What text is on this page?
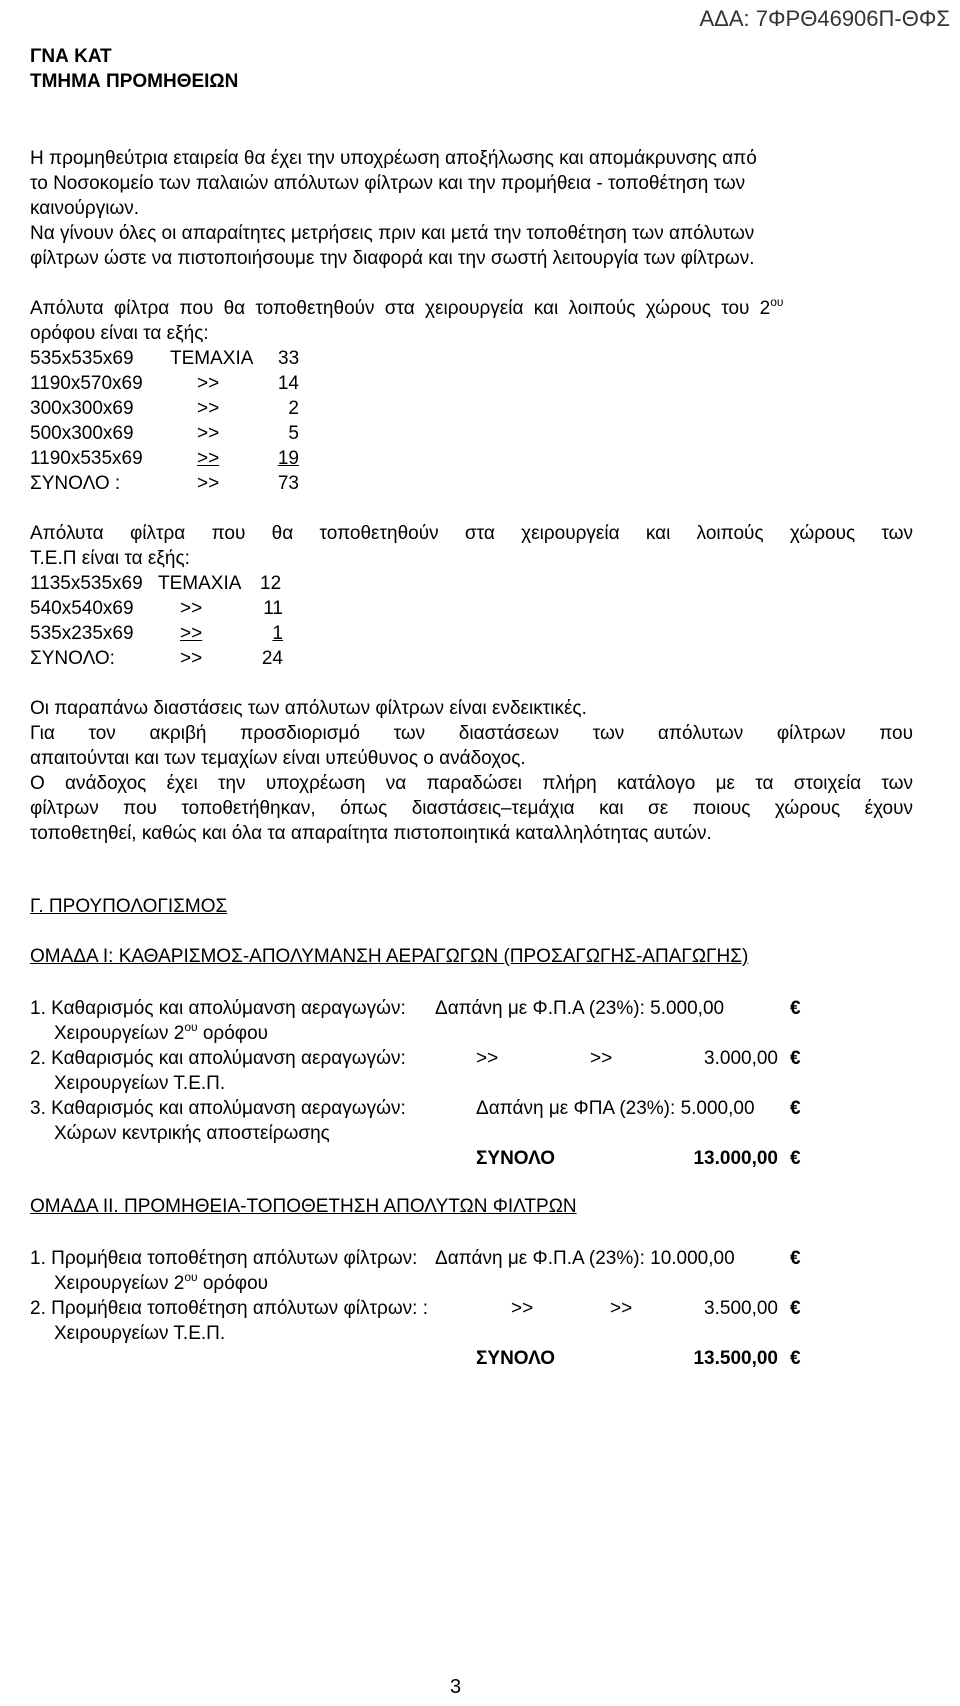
ΑΔΑ: 7ΦΡΘ46906Π-ΘΦΣ
ΓΝΑ ΚΑΤ
ΤΜΗΜΑ ΠΡΟΜΗΘΕΙΩΝ
Η προμηθεύτρια εταιρεία θα έχει την υποχρέωση αποξήλωσης και απομάκρυνσης από
το Νοσοκομείο των παλαιών απόλυτων φίλτρων και την προμήθεια - τοποθέτηση των
καινούργιων.
Να γίνουν όλες οι απαραίτητες μετρήσεις πριν και μετά την τοποθέτηση των απόλυτων
φίλτρων ώστε να πιστοποιήσουμε την διαφορά και την σωστή λειτουργία των φίλτρων.
Απόλυτα φίλτρα που θα τοποθετηθούν στα χειρουργεία και λοιπούς χώρους του $2^{o\upsilon}$
ορόφου είναι τα εξής:
535x535x69 ΤΕΜΑΧΙΑ 33
1190x570x69	>>	14
300x300x69	>>	2
500x300x69	>>	5
1190x535x69	>>	19
ΣΥΝΟΛΟ :	>>	73
Απόλυτα φίλτρα που θα τοποθετηθούν στα χειρουργεία και λοιπούς χώρους των
Τ.Ε.Π είναι τα εξής:
1135x535x69 ΤΕΜΑΧΙΑ 12
540x540x69 >>	11
535x235x69 >>	1
ΣΥΝΟΛΟ:	>>	24
Οι παραπάνω διαστάσεις των απόλυτων φίλτρων είναι ενδεικτικές.
Για τον ακριβή προσδιορισμό των διαστάσεων των απόλυτων φίλτρων που
απαιτούνται και των τεμαχίων είναι υπεύθυνος ο ανάδοχος.
Ο ανάδοχος έχει την υποχρέωση να παραδώσει πλήρη κατάλογο με τα στοιχεία των
φίλτρων που τοποθετήθηκαν, όπως διαστάσεις–τεμάχια και σε ποιους χώρους έχουν
τοποθετηθεί, καθώς και όλα τα απαραίτητα πιστοποιητικά καταλληλότητας αυτών.
Γ. ΠΡΟΥΠΟΛΟΓΙΣΜΟΣ
ΟΜΑΔΑ Ι: ΚΑΘΑΡΙΣΜΟΣ-ΑΠΟΛΥΜΑΝΣΗ ΑΕΡΑΓΩΓΩΝ (ΠΡΟΣΑΓΩΓΗΣ-ΑΠΑΓΩΓΗΣ)
1. Καθαρισμός και απολύμανση αεραγωγών: Δαπάνη με Φ.Π.Α (23%): 5.000,00	€
Χειρουργείων $2^{o\upsilon}$ ορόφου
2. Καθαρισμός και απολύμανση αεραγωγών:	>>	>>	3.000,00 €
Χειρουργείων Τ.Ε.Π.
3. Καθαρισμός και απολύμανση αεραγωγών:	Δαπάνη με ΦΠΑ (23%): 5.000,00 €
Χώρων κεντρικής αποστείρωσης
ΣΥΝΟΛΟ	13.000,00 €
ΟΜΑΔΑ ΙΙ. ΠΡΟΜΗΘΕΙΑ-ΤΟΠΟΘΕΤΗΣΗ ΑΠΟΛΥΤΩΝ ΦΙΛΤΡΩΝ
1. Προμήθεια τοποθέτηση απόλυτων φίλτρων: Δαπάνη με Φ.Π.Α (23%): 10.000,00	€
Χειρουργείων $2^{o\upsilon}$ ορόφου
2. Προμήθεια τοποθέτηση απόλυτων φίλτρων: :	>>	>>	3.500,00 €
Χειρουργείων Τ.Ε.Π.
ΣΥΝΟΛΟ	13.500,00 €
3
